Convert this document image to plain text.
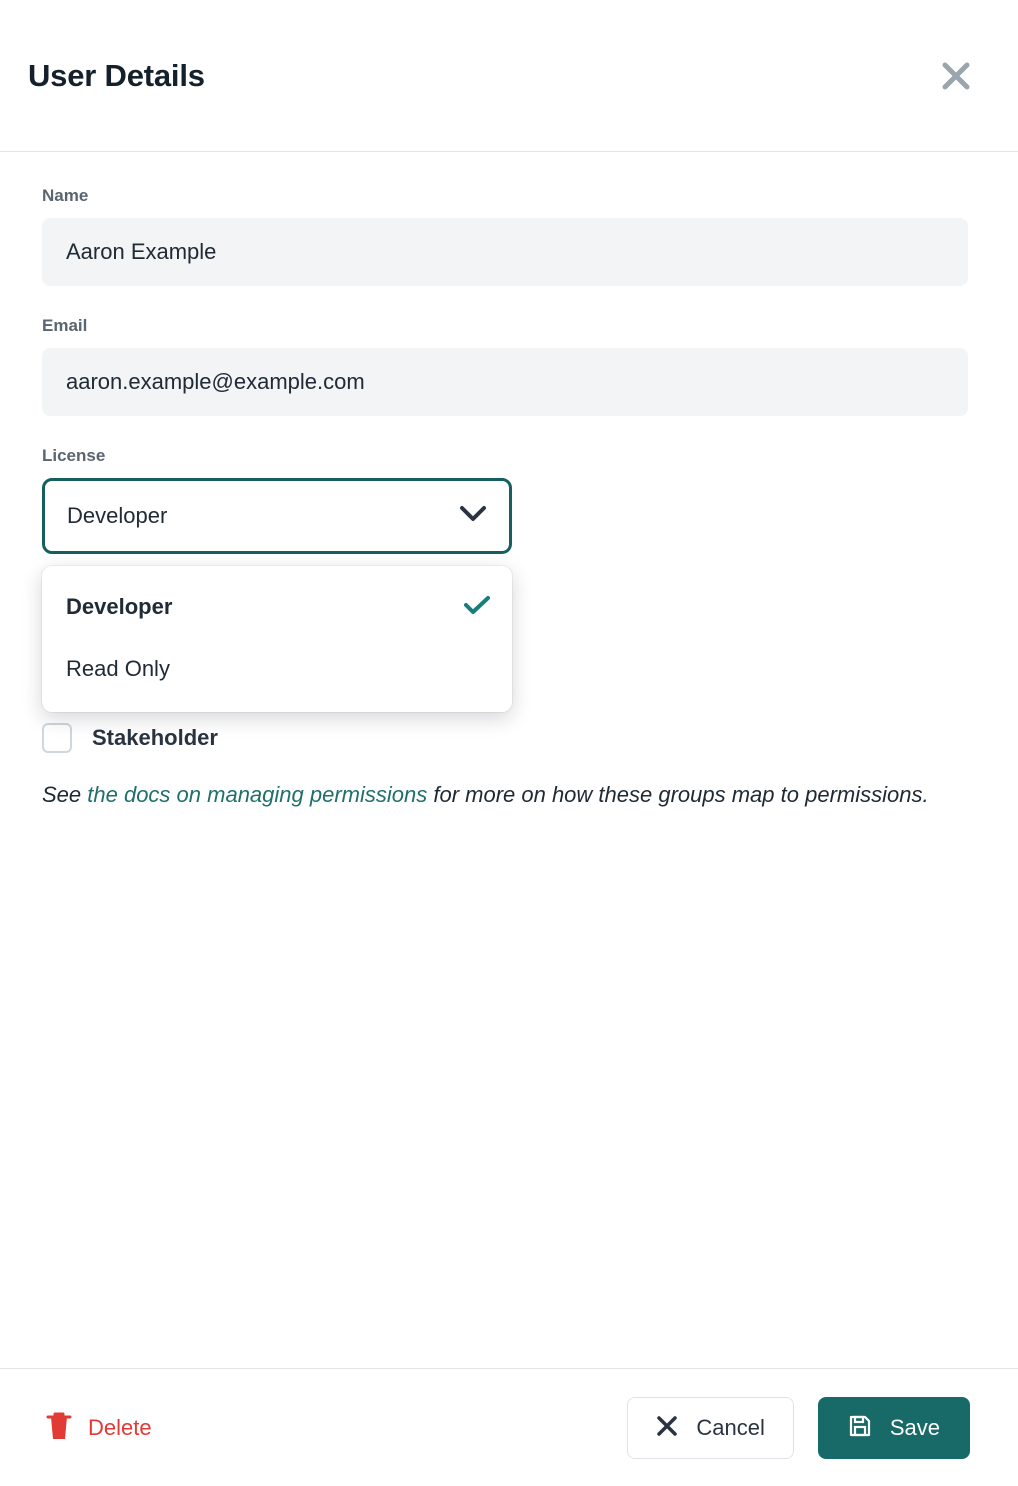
User Details
Name
Aaron Example
Email
aaron.example@example.com
License
Developer
Developer
Read Only
Stakeholder
See the docs on managing permissions for more on how these groups map to permissions.
Delete	Cancel	Save
